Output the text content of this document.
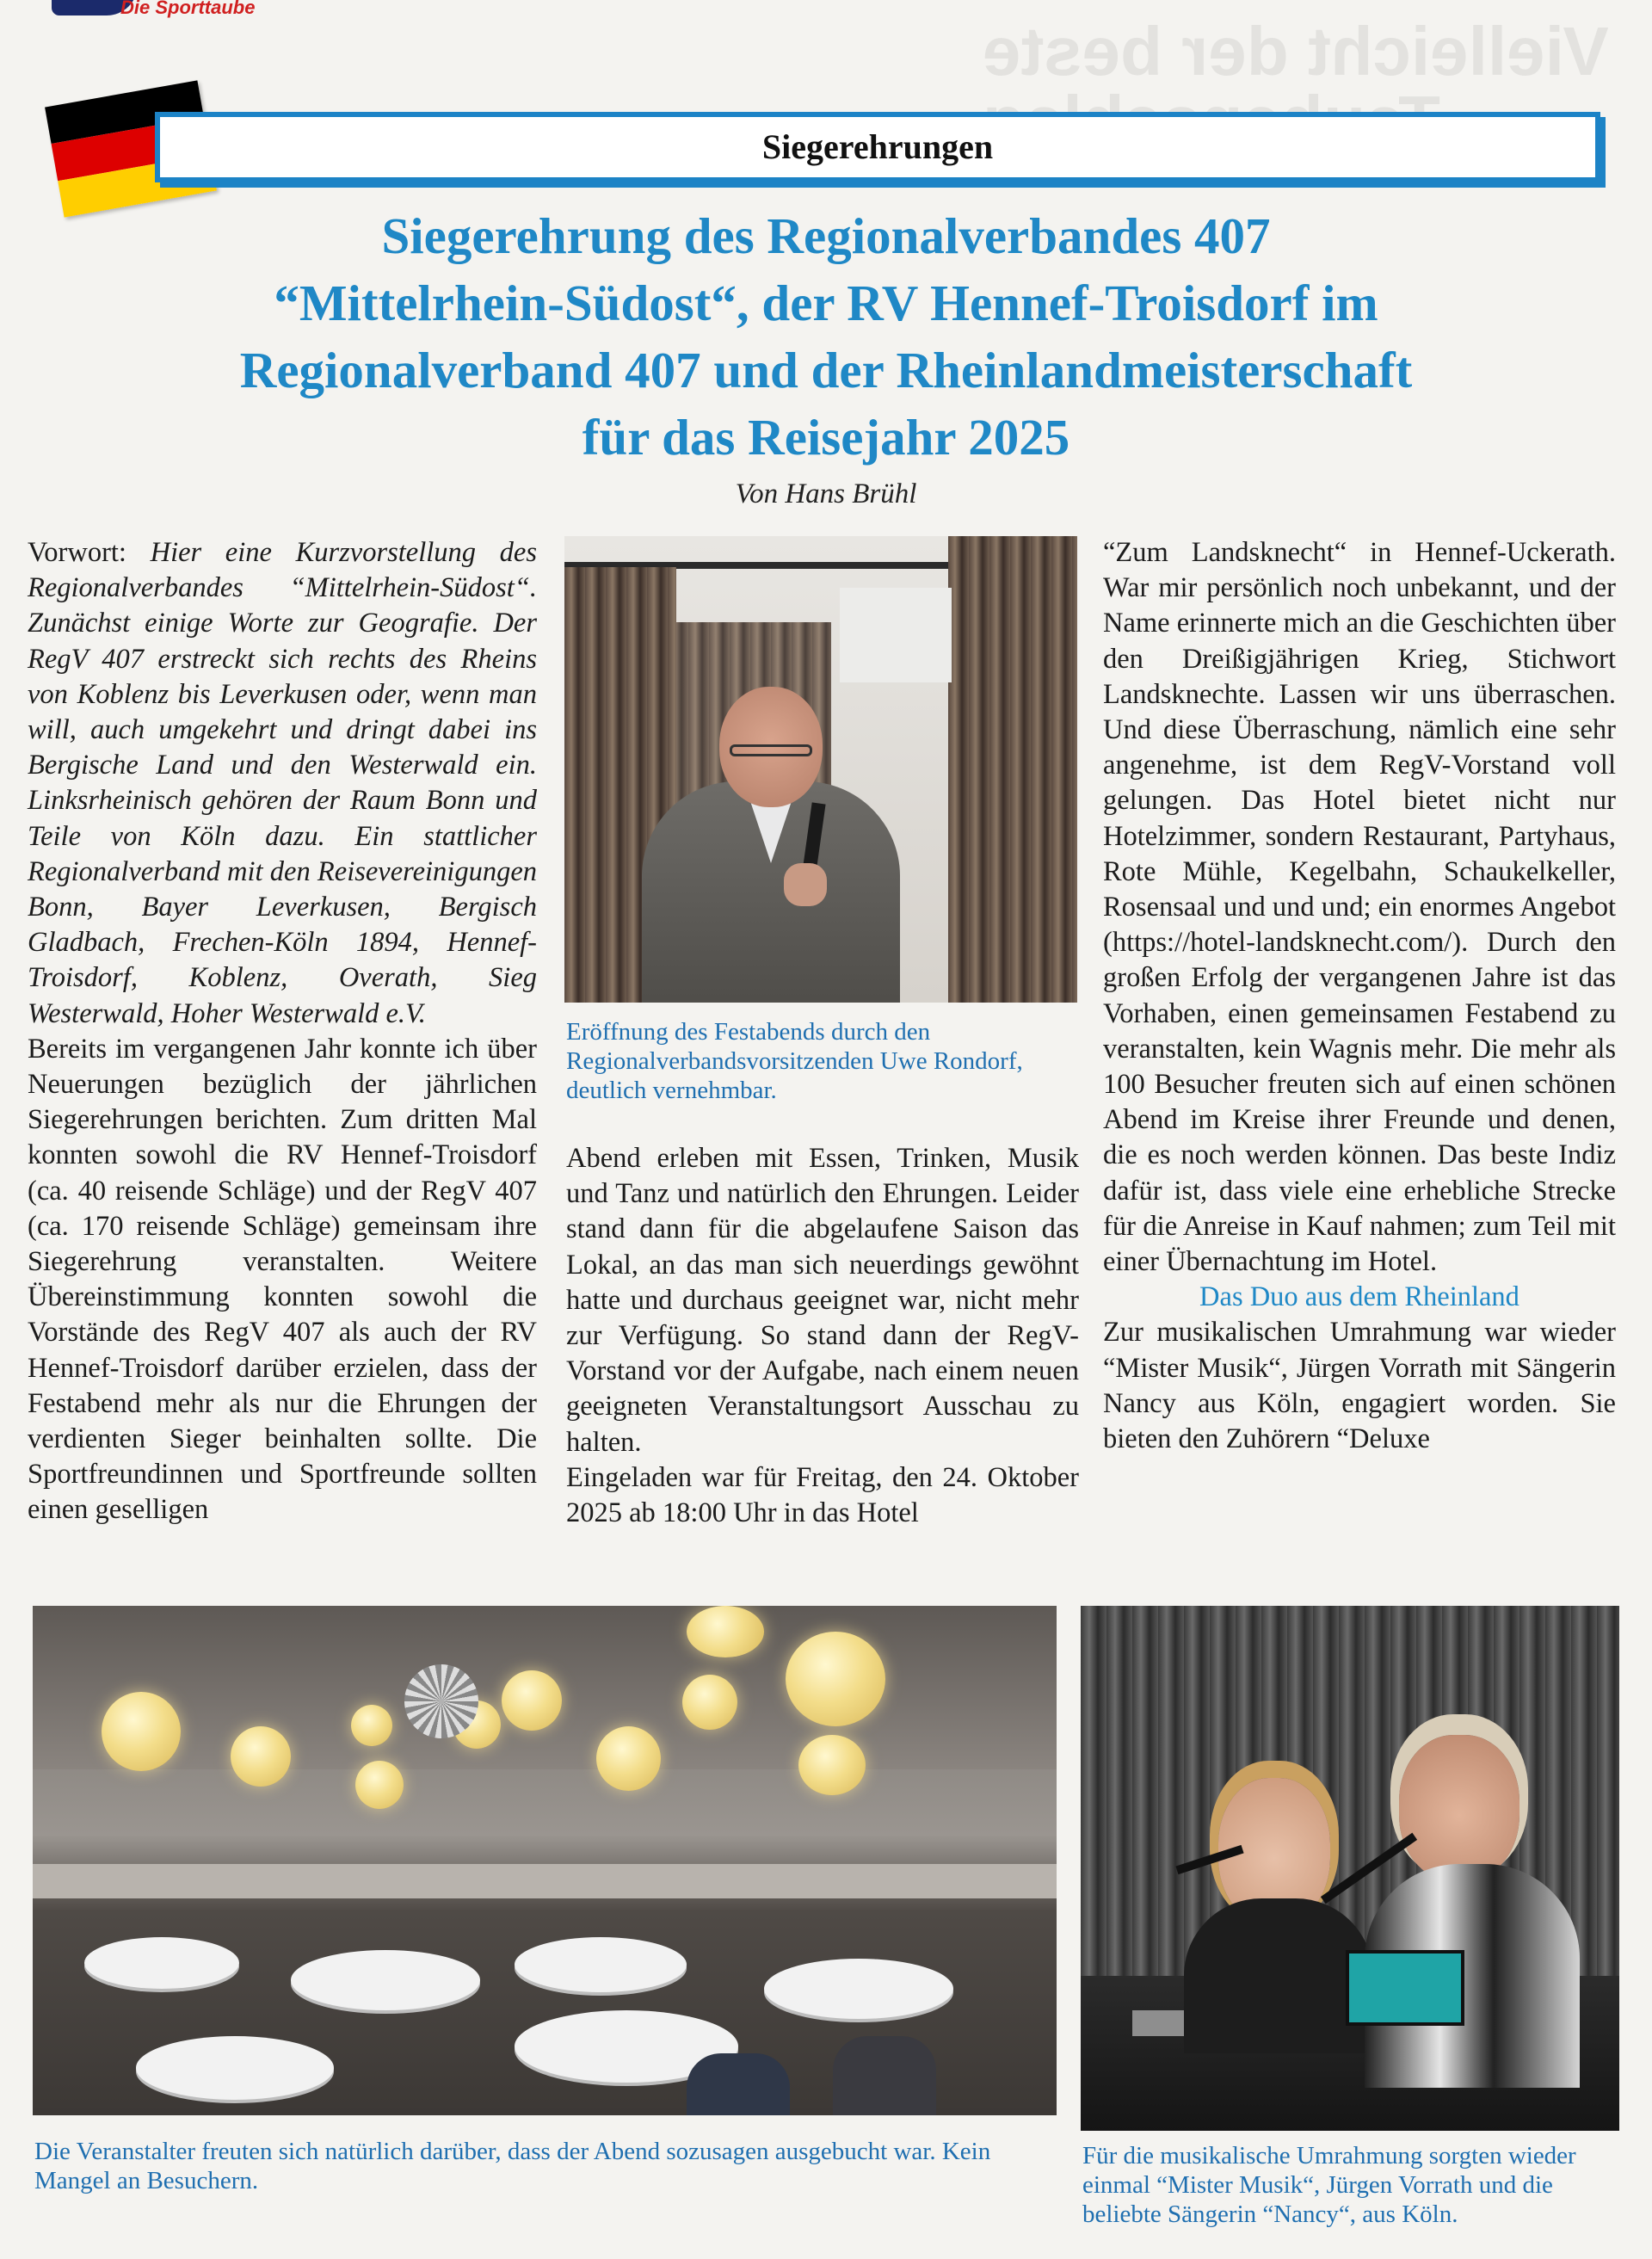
Die Sporttaube
Vielleicht der beste
Siegerehrungen
Siegerehrung des Regionalverbandes 407
“Mittelrhein-Südost“, der RV Hennef-Troisdorf im
Regionalverband 407 und der Rheinlandmeisterschaft
für das Reisejahr 2025
Von Hans Brühl

Vorwort: Hier eine Kurzvorstellung des Regionalverbandes “Mittelrhein-Südost“. Zunächst einige Worte zur Geografie. Der RegV 407 erstreckt sich rechts des Rheins von Koblenz bis Leverkusen oder, wenn man will, auch umgekehrt und dringt dabei ins Bergische Land und den Westerwald ein. Linksrheinisch gehören der Raum Bonn und Teile von Köln dazu. Ein stattlicher Regionalverband mit den Reisevereinigungen Bonn, Bayer Leverkusen, Bergisch Gladbach, Frechen-Köln 1894, Hennef-Troisdorf, Koblenz, Overath, Sieg Westerwald, Hoher Westerwald e.V.

Bereits im vergangenen Jahr konnte ich über Neuerungen bezüglich der jährlichen Siegerehrungen berichten. Zum dritten Mal konnten sowohl die RV Hennef-Troisdorf (ca. 40 reisende Schläge) und der RegV 407 (ca. 170 reisende Schläge) gemeinsam ihre Siegerehrung veranstalten. Weitere Übereinstimmung konnten sowohl die Vorstände des RegV 407 als auch der RV Hennef-Troisdorf darüber erzielen, dass der Festabend mehr als nur die Ehrungen der verdienten Sieger beinhalten sollte. Die Sportfreundinnen und Sportfreunde sollten einen geselligen

Eröffnung des Festabends durch den Regionalverbandsvorsitzenden Uwe Rondorf, deutlich vernehmbar.

Abend erleben mit Essen, Trinken, Musik und Tanz und natürlich den Ehrungen. Leider stand dann für die abgelaufene Saison das Lokal, an das man sich neuerdings gewöhnt hatte und durchaus geeignet war, nicht mehr zur Verfügung. So stand dann der RegV-Vorstand vor der Aufgabe, nach einem neuen geeigneten Veranstaltungsort Ausschau zu halten.

Eingeladen war für Freitag, den 24. Oktober 2025 ab 18:00 Uhr in das Hotel

“Zum Landsknecht“ in Hennef-Uckerath. War mir persönlich noch unbekannt, und der Name erinnerte mich an die Geschichten über den Dreißigjährigen Krieg, Stichwort Landsknechte. Lassen wir uns überraschen. Und diese Überraschung, nämlich eine sehr angenehme, ist dem RegV-Vorstand voll gelungen. Das Hotel bietet nicht nur Hotelzimmer, sondern Restaurant, Partyhaus, Rote Mühle, Kegelbahn, Schaukelkeller, Rosensaal und und und; ein enormes Angebot (https://hotel-landsknecht.com/). Durch den großen Erfolg der vergangenen Jahre ist das Vorhaben, einen gemeinsamen Festabend zu veranstalten, kein Wagnis mehr. Die mehr als 100 Besucher freuten sich auf einen schönen Abend im Kreise ihrer Freunde und denen, die es noch werden können. Das beste Indiz dafür ist, dass viele eine erhebliche Strecke für die Anreise in Kauf nahmen; zum Teil mit einer Übernachtung im Hotel.

Das Duo aus dem Rheinland

Zur musikalischen Umrahmung war wieder “Mister Musik“, Jürgen Vorrath mit Sängerin Nancy aus Köln, engagiert worden. Sie bieten den Zuhörern “Deluxe

Die Veranstalter freuten sich natürlich darüber, dass der Abend sozusagen ausgebucht war. Kein Mangel an Besuchern.
Für die musikalische Umrahmung sorgten wieder einmal “Mister Musik“, Jürgen Vorrath und die beliebte Sängerin “Nancy“, aus Köln.
